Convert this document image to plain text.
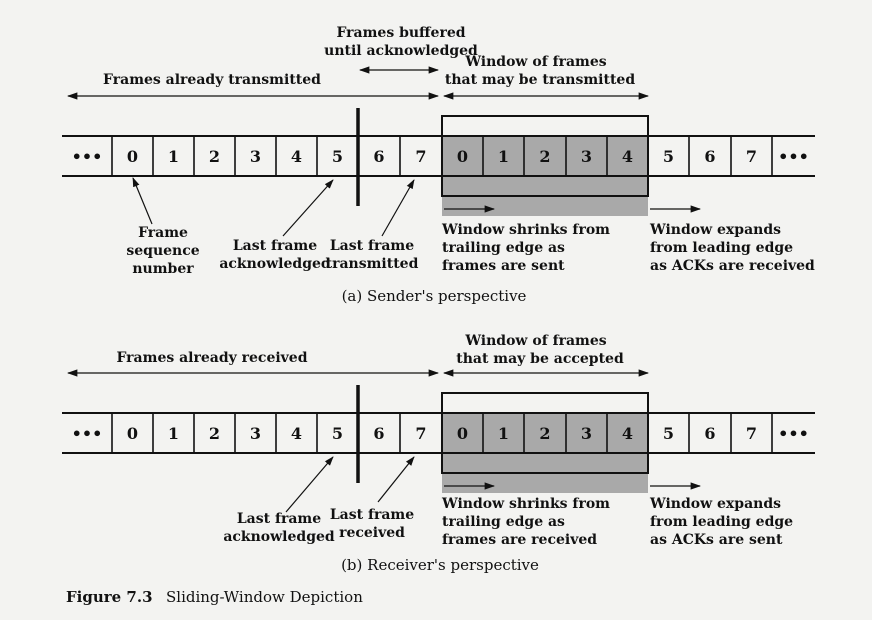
Frames buffered
until acknowledged
Window of frames
that may be transmitted
Frames already transmitted
••• 0 1 2 3 4 5 6 7 0 1 2 3 4 5 6 7 •••
Frame
sequence
number
Last frame
acknowledged
Last frame
transmitted
Window shrinks from
trailing edge as
frames are sent
Window expands
from leading edge
as ACKs are received
(a) Sender's perspective
Window of frames
that may be accepted
Frames already received
••• 0 1 2 3 4 5 6 7 0 1 2 3 4 5 6 7 •••
Last frame
acknowledged
Last frame
received
Window shrinks from
trailing edge as
frames are received
Window expands
from leading edge
as ACKs are sent
(b) Receiver's perspective
Figure 7.3 Sliding-Window Depiction
